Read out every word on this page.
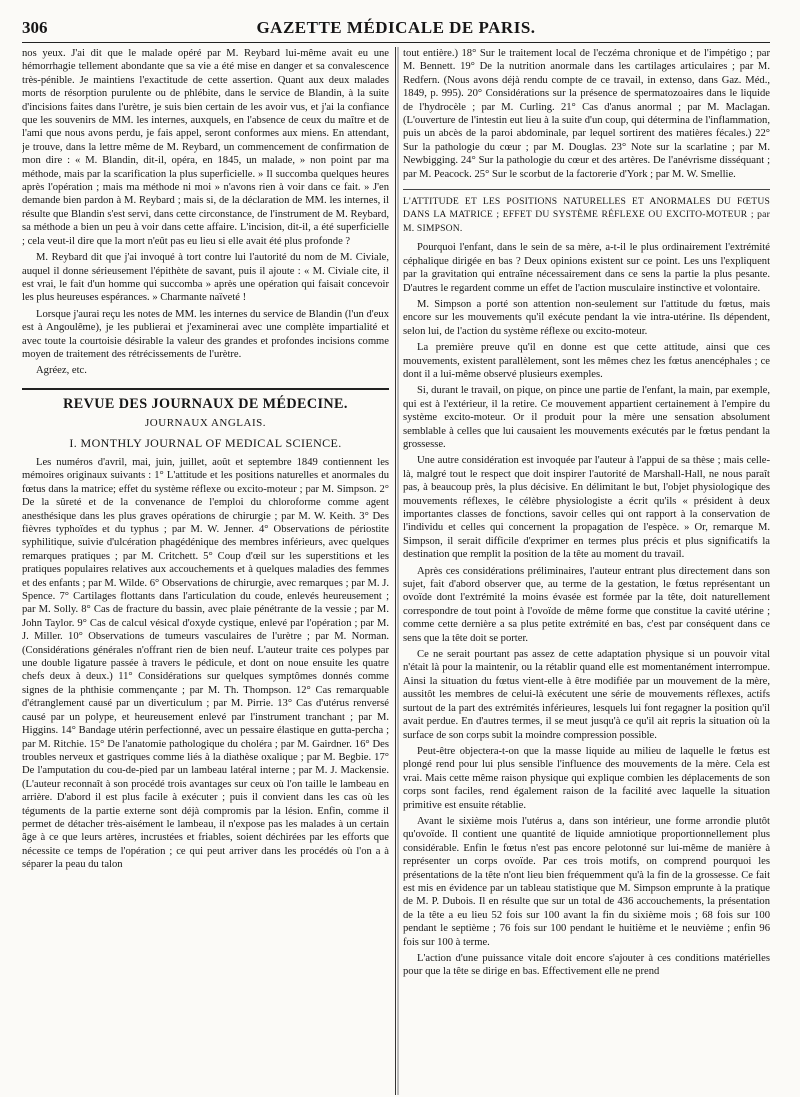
306	GAZETTE MÉDICALE DE PARIS.

nos yeux. J'ai dit que le malade opéré par M. Reybard lui-même avait eu une hémorrhagie tellement abondante que sa vie a été mise en danger et sa convalescence très-pénible. Je maintiens l'exactitude de cette assertion. Quant aux deux malades morts de résorption purulente ou de phlébite, dans le service de Blandin, à la suite d'incisions faites dans l'urètre, je suis bien certain de les avoir vus, et j'ai la confiance que les souvenirs de MM. les internes, auxquels, en l'absence de ceux du maître et de l'ami que nous avons perdu, je fais appel, seront conformes aux miens. En attendant, je trouve, dans la lettre même de M. Reybard, un commencement de confirmation de mon dire : « M. Blandin, dit-il, opéra, en 1845, un malade, » non point par ma méthode, mais par la scarification la plus superficielle. » Il succomba quelques heures après l'opération ; mais ma méthode ni moi » n'avons rien à voir dans ce fait. » J'en demande bien pardon à M. Reybard ; mais si, de la déclaration de MM. les internes, il résulte que Blandin s'est servi, dans cette circonstance, de l'instrument de M. Reybard, sa méthode a bien un peu à voir dans cette affaire. L'incision, dit-il, a été superficielle ; cela veut-il dire que la mort n'eût pas eu lieu si elle avait été plus profonde ?

M. Reybard dit que j'ai invoqué à tort contre lui l'autorité du nom de M. Civiale, auquel il donne sérieusement l'épithète de savant, puis il ajoute : « M. Civiale cite, il est vrai, le fait d'un homme qui succomba » après une opération qui faisait concevoir les plus heureuses espérances. » Charmante naïveté !

Lorsque j'aurai reçu les notes de MM. les internes du service de Blandin (l'un d'eux est à Angoulême), je les publierai et j'examinerai avec une complète impartialité et avec toute la courtoisie désirable la valeur des grandes et profondes incisions comme moyen de traitement des rétrécissements de l'urètre.

Agréez, etc.
REVUE DES JOURNAUX DE MÉDECINE.
JOURNAUX ANGLAIS.
I. MONTHLY JOURNAL OF MEDICAL SCIENCE.

Les numéros d'avril, mai, juin, juillet, août et septembre 1849 contiennent les mémoires originaux suivants : 1° L'attitude et les positions naturelles et anormales du fœtus dans la matrice; effet du système réflexe ou excito-moteur ; par M. Simpson. 2° De la sûreté et de la convenance de l'emploi du chloroforme comme agent anesthésique dans les plus graves opérations de chirurgie ; par M. W. Keith. 3° Des fièvres typhoïdes et du typhus ; par M. W. Jenner. 4° Observations de périostite syphilitique, suivie d'ulcération phagédénique des membres inférieurs, avec quelques remarques pratiques ; par M. Critchett. 5° Coup d'œil sur les superstitions et les pratiques populaires relatives aux accouchements et à quelques maladies des femmes et des enfants ; par M. Wilde. 6° Observations de chirurgie, avec remarques ; par M. J. Spence. 7° Cartilages flottants dans l'articulation du coude, enlevés heureusement ; par M. Solly. 8° Cas de fracture du bassin, avec plaie pénétrante de la vessie ; par M. John Taylor. 9° Cas de calcul vésical d'oxyde cystique, enlevé par l'opération ; par M. J. Miller. 10° Observations de tumeurs vasculaires de l'urètre ; par M. Norman. (Considérations générales n'offrant rien de bien neuf. L'auteur traite ces polypes par une double ligature passée à travers le pédicule, et dont on noue ensuite les quatre chefs deux à deux.) 11° Considérations sur quelques symptômes donnés comme signes de la phthisie commençante ; par M. Th. Thompson. 12° Cas remarquable d'étranglement causé par un diverticulum ; par M. Pirrie. 13° Cas d'utérus renversé causé par un polype, et heureusement enlevé par l'instrument tranchant ; par M. Higgins. 14° Bandage utérin perfectionné, avec un pessaire élastique en gutta-percha ; par M. Ritchie. 15° De l'anatomie pathologique du choléra ; par M. Gairdner. 16° Des troubles nerveux et gastriques comme liés à la diathèse oxalique ; par M. Begbie. 17° De l'amputation du cou-de-pied par un lambeau latéral interne ; par M. J. Mackensie. (L'auteur reconnaît à son procédé trois avantages sur ceux où l'on taille le lambeau en arrière. D'abord il est plus facile à exécuter ; puis il convient dans les cas où les téguments de la partie externe sont déjà compromis par la lésion. Enfin, comme il permet de détacher très-aisément le lambeau, il n'expose pas les malades à un certain âge à ce que leurs artères, incrustées et friables, soient déchirées par les efforts que nécessite ce temps de l'opération ; ce qui peut arriver dans les procédés où l'on a à séparer la peau du talon

tout entière.) 18° Sur le traitement local de l'eczéma chronique et de l'impétigo ; par M. Bennett. 19° De la nutrition anormale dans les cartilages articulaires ; par M. Redfern. (Nous avons déjà rendu compte de ce travail, in extenso, dans Gaz. Méd., 1849, p. 995). 20° Considérations sur la présence de spermatozoaires dans le liquide de l'hydrocèle ; par M. Curling. 21° Cas d'anus anormal ; par M. Maclagan. (L'ouverture de l'intestin eut lieu à la suite d'un coup, qui détermina de l'inflammation, puis un abcès de la paroi abdominale, par lequel sortirent des matières fécales.) 22° Sur la pathologie du cœur ; par M. Douglas. 23° Note sur la scarlatine ; par M. Newbigging. 24° Sur la pathologie du cœur et des artères. De l'anévrisme disséquant ; par M. Peacock. 25° Sur le scorbut de la factorerie d'York ; par M. W. Smellie.

L'ATTITUDE ET LES POSITIONS NATURELLES ET ANORMALES DU FŒTUS DANS LA MATRICE ; EFFET DU SYSTÈME RÉFLEXE OU EXCITO-MOTEUR ; par M. SIMPSON.

Pourquoi l'enfant, dans le sein de sa mère, a-t-il le plus ordinairement l'extrémité céphalique dirigée en bas ? Deux opinions existent sur ce point. Les uns l'expliquent par la gravitation qui entraîne nécessairement dans ce sens la partie la plus pesante. D'autres le regardent comme un effet de l'action musculaire instinctive et volontaire.

M. Simpson a porté son attention non-seulement sur l'attitude du fœtus, mais encore sur les mouvements qu'il exécute pendant la vie intra-utérine. Ils dépendent, selon lui, de l'action du système réflexe ou excito-moteur.

La première preuve qu'il en donne est que cette attitude, ainsi que ces mouvements, existent parallèlement, sont les mêmes chez les fœtus anencéphales ; ce dont il a lui-même observé plusieurs exemples.

Si, durant le travail, on pique, on pince une partie de l'enfant, la main, par exemple, qui est à l'extérieur, il la retire. Ce mouvement appartient certainement à l'empire du système excito-moteur. Or il produit pour la mère une sensation absolument semblable à celles que lui causaient les mouvements exécutés par le fœtus pendant la grossesse.

Une autre considération est invoquée par l'auteur à l'appui de sa thèse ; mais celle-là, malgré tout le respect que doit inspirer l'autorité de Marshall-Hall, ne nous paraît pas, à beaucoup près, la plus décisive. En délimitant le but, l'objet physiologique des mouvements réflexes, le célèbre physiologiste a écrit qu'ils « président à deux importantes classes de fonctions, savoir celles qui ont rapport à la conservation de l'individu et celles qui concernent la propagation de l'espèce. » Or, remarque M. Simpson, il serait difficile d'exprimer en termes plus précis et plus significatifs la destination que remplit la position de la tête au moment du travail.

Après ces considérations préliminaires, l'auteur entrant plus directement dans son sujet, fait d'abord observer que, au terme de la gestation, le fœtus représentant un ovoïde dont l'extrémité la moins évasée est formée par la tête, doit naturellement correspondre de tout point à l'ovoïde de même forme que constitue la cavité utérine ; comme cette dernière a sa plus petite extrémité en bas, c'est par conséquent dans ce sens que la tête doit se porter.

Ce ne serait pourtant pas assez de cette adaptation physique si un pouvoir vital n'était là pour la maintenir, ou la rétablir quand elle est momentanément interrompue. Ainsi la situation du fœtus vient-elle à être modifiée par un mouvement de la mère, aussitôt les membres de celui-là exécutent une série de mouvements réflexes, actifs surtout de la part des extrémités inférieures, lesquels lui font regagner la position qu'il avait perdue. En d'autres termes, il se meut jusqu'à ce qu'il ait repris la situation où la surface de son corps subit la moindre compression possible.

Peut-être objectera-t-on que la masse liquide au milieu de laquelle le fœtus est plongé rend pour lui plus sensible l'influence des mouvements de la mère. Cela est vrai. Mais cette même raison physique qui explique combien les déplacements de son corps sont faciles, rend également raison de la facilité avec laquelle la situation primitive est ensuite rétablie.

Avant le sixième mois l'utérus a, dans son intérieur, une forme arrondie plutôt qu'ovoïde. Il contient une quantité de liquide amniotique proportionnellement plus considérable. Enfin le fœtus n'est pas encore pelotonné sur lui-même de manière à représenter un corps ovoïde. Par ces trois motifs, on comprend pourquoi les présentations de la tête n'ont lieu bien fréquemment qu'à la fin de la grossesse. Ce fait est mis en évidence par un tableau statistique que M. Simpson emprunte à la pratique de M. P. Dubois. Il en résulte que sur un total de 436 accouchements, la présentation de la tête a eu lieu 52 fois sur 100 avant la fin du sixième mois ; 68 fois sur 100 pendant le septième ; 76 fois sur 100 pendant le huitième et le neuvième ; enfin 96 fois sur 100 à terme.

L'action d'une puissance vitale doit encore s'ajouter à ces conditions matérielles pour que la tête se dirige en bas. Effectivement elle ne prend
